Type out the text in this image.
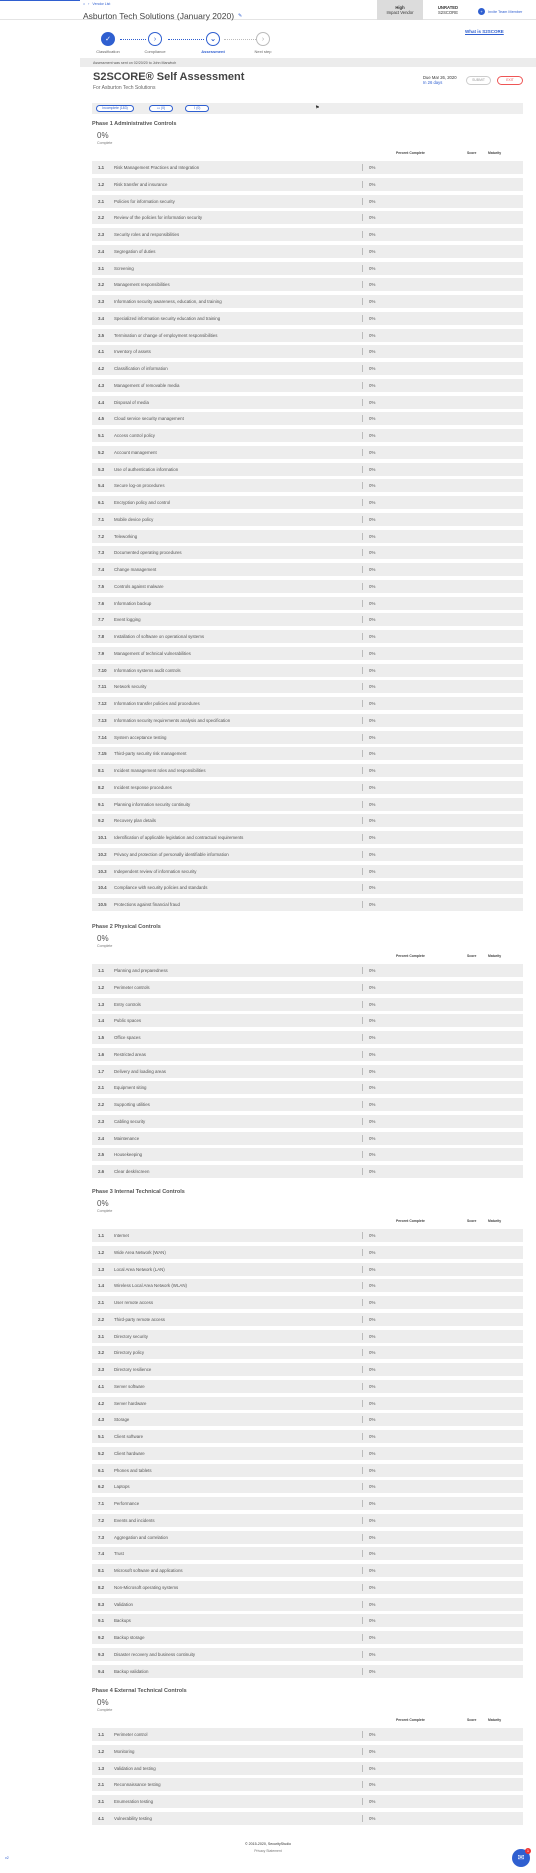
⌂ › Vendor List
Asburton Tech Solutions (January 2020) ✎
High
Impact Vendor
UNRATED
S2SCORE	+	Invite Team Member
✓
Classification
›
Compliance
⌄
Assessment
›
Next step
What is S2SCORE
Assessment was sent on 02/20/20 to John Marwhoh
S2SCORE® Self Assessment
For Asburton Tech Solutions
Due Mar 26, 2020
In 26 days	SUBMIT	EXIT
Incomplete (183)	▭ (0)	⌇ (0)	⚑
Phase 1 Administrative Controls
0%
Complete
Percent Complete	Score	Maturity
1.1 Risk Management Practices and Integration	0%
1.2 Risk transfer and insurance	0%
2.1 Policies for information security	0%
2.2 Review of the policies for information security	0%
2.3 Security roles and responsibilities	0%
2.4 Segregation of duties	0%
3.1 Screening	0%
3.2 Management responsibilities	0%
3.3 Information security awareness, education, and training	0%
3.4 Specialized information security education and training	0%
3.5 Termination or change of employment responsibilities	0%
4.1 Inventory of assets	0%
4.2 Classification of information	0%
4.3 Management of removable media	0%
4.4 Disposal of media	0%
4.5 Cloud service security management	0%
5.1 Access control policy	0%
5.2 Account management	0%
5.3 Use of authentication information	0%
5.4 Secure log-on procedures	0%
6.1 Encryption policy and control	0%
7.1 Mobile device policy	0%
7.2 Teleworking	0%
7.3 Documented operating procedures	0%
7.4 Change management	0%
7.5 Controls against malware	0%
7.6 Information backup	0%
7.7 Event logging	0%
7.8 Installation of software on operational systems	0%
7.9 Management of technical vulnerabilities	0%
7.10 Information systems audit controls	0%
7.11 Network security	0%
7.12 Information transfer policies and procedures	0%
7.13 Information security requirements analysis and specification	0%
7.14 System acceptance testing	0%
7.15 Third-party security risk management	0%
8.1 Incident management roles and responsibilities	0%
8.2 Incident response procedures	0%
9.1 Planning information security continuity	0%
9.2 Recovery plan details	0%
10.1 Identification of applicable legislation and contractual requirements	0%
10.2 Privacy and protection of personally identifiable information	0%
10.3 Independent review of information security	0%
10.4 Compliance with security policies and standards	0%
10.5 Protections against financial fraud	0%
Phase 2 Physical Controls
0%
Complete
Percent Complete	Score	Maturity
1.1 Planning and preparedness	0%
1.2 Perimeter controls	0%
1.3 Entry controls	0%
1.4 Public spaces	0%
1.5 Office spaces	0%
1.6 Restricted areas	0%
1.7 Delivery and loading areas	0%
2.1 Equipment siting	0%
2.2 Supporting utilities	0%
2.3 Cabling security	0%
2.4 Maintenance	0%
2.5 Housekeeping	0%
2.6 Clear desk/screen	0%
Phase 3 Internal Technical Controls
0%
Complete
Percent Complete	Score	Maturity
1.1 Internet	0%
1.2 Wide Area Network (WAN)	0%
1.3 Local Area Network (LAN)	0%
1.4 Wireless Local Area Network (WLAN)	0%
2.1 User remote access	0%
2.2 Third-party remote access	0%
3.1 Directory security	0%
3.2 Directory policy	0%
3.3 Directory resilience	0%
4.1 Server software	0%
4.2 Server hardware	0%
4.3 Storage	0%
5.1 Client software	0%
5.2 Client hardware	0%
6.1 Phones and tablets	0%
6.2 Laptops	0%
7.1 Performance	0%
7.2 Events and incidents	0%
7.3 Aggregation and correlation	0%
7.4 Trust	0%
8.1 Microsoft software and applications	0%
8.2 Non-Microsoft operating systems	0%
8.3 Validation	0%
9.1 Backups	0%
9.2 Backup storage	0%
9.3 Disaster recovery and business continuity	0%
9.4 Backup validation	0%
Phase 4 External Technical Controls
0%
Complete
Percent Complete	Score	Maturity
1.1 Perimeter control	0%
1.2 Monitoring	0%
1.3 Validation and testing	0%
2.1 Reconnaissance testing	0%
3.1 Enumeration testing	0%
4.1 Vulnerability testing	0%
© 2015-2020, SecurityStudio
Privacy Statement
v2	✉
1
